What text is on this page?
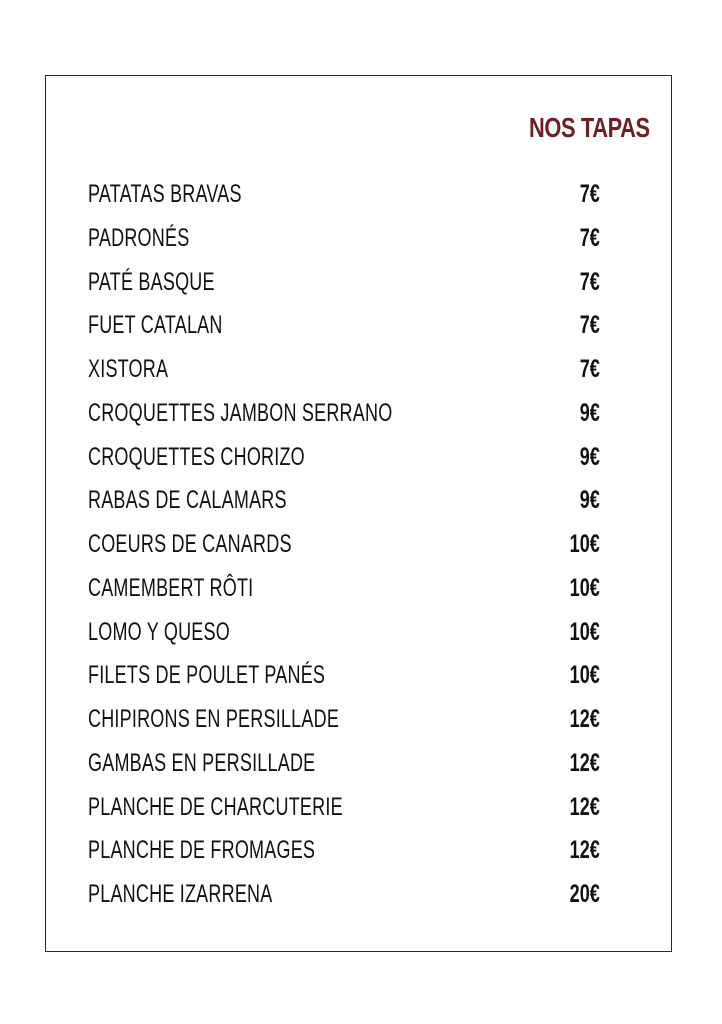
NOS TAPAS
PATATAS BRAVAS	7€
PADRONÉS	7€
PATÉ BASQUE	7€
FUET CATALAN	7€
XISTORA	7€
CROQUETTES JAMBON SERRANO	9€
CROQUETTES CHORIZO	9€
RABAS DE CALAMARS	9€
COEURS DE CANARDS	10€
CAMEMBERT RÔTI	10€
LOMO Y QUESO	10€
FILETS DE POULET PANÉS	10€
CHIPIRONS EN PERSILLADE	12€
GAMBAS EN PERSILLADE	12€
PLANCHE DE CHARCUTERIE	12€
PLANCHE DE FROMAGES	12€
PLANCHE IZARRENA	20€
